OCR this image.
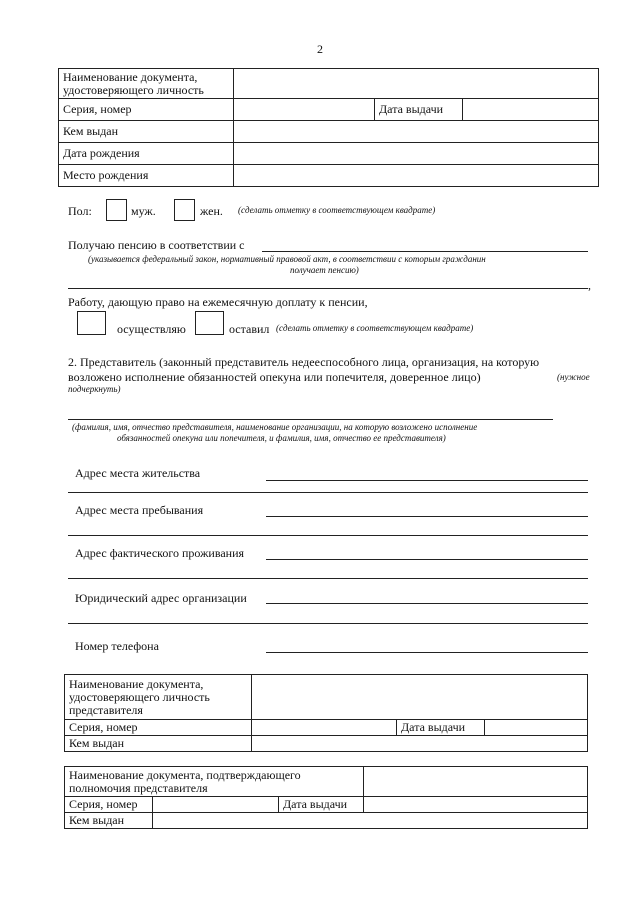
2
Наименование документа, удостоверяющего личность			
Серия, номер		Дата выдачи	
Кем выдан			
Дата рождения			
Место рождения			
Пол:	муж.	жен. (сделать отметку в соответствующем квадрате)
Получаю пенсию в соответствии с
(указывается федеральный закон, нормативный правовой акт, в соответствии с которым гражданин
получает пенсию)
,
Работу, дающую право на ежемесячную доплату к пенсии,
осуществляю	оставил (сделать отметку в соответствующем квадрате)
2. Представитель (законный представитель недееспособного лица, организация, на которую
возложено исполнение обязанностей опекуна или попечителя, доверенное лицо)	(нужное
подчеркнуть)
(фамилия, имя, отчество представителя, наименование организации, на которую возложено исполнение
обязанностей опекуна или попечителя, и фамилия, имя, отчество ее представителя)
Адрес места жительства
Адрес места пребывания
Адрес фактического проживания
Юридический адрес организации
Номер телефона
Наименование документа, удостоверяющего личность представителя			
Серия, номер		Дата выдачи	
Кем выдан			
Наименование документа, подтверждающего полномочия представителя			
Серия, номер		Дата выдачи	
Кем выдан			
